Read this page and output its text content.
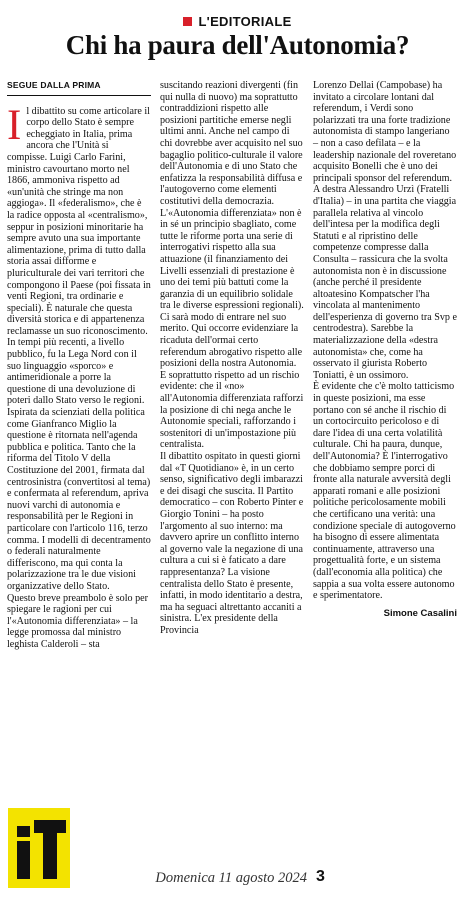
L'EDITORIALE
Chi ha paura dell'Autonomia?
SEGUE DALLA PRIMA

Il dibattito su come articolare il corpo dello Stato è sempre echeggiato in Italia, prima ancora che l'Unità si compisse. Luigi Carlo Farini, ministro cavourtano morto nel 1866, ammoniva rispetto ad «un'unità che stringe ma non aggioga». Il «federalismo», che è la radice opposta al «centralismo», seppur in posizioni minoritarie ha sempre avuto una sua importante alimentazione, prima di tutto dalla storia assai difforme e pluriculturale dei vari territori che compongono il Paese (poi fissata in venti Regioni, tra ordinarie e speciali). È naturale che questa diversità storica e di appartenenza reclamasse un suo riconoscimento. In tempi più recenti, a livello pubblico, fu la Lega Nord con il suo linguaggio «sporco» e antimeridionale a porre la questione di una devoluzione di poteri dallo Stato verso le regioni. Ispirata da scienziati della politica come Gianfranco Miglio la questione è ritornata nell'agenda pubblica e politica. Tanto che la riforma del Titolo V della Costituzione del 2001, firmata dal centrosinistra (convertitosi al tema) e confermata al referendum, apriva nuovi varchi di autonomia e responsabilità per le Regioni in particolare con l'articolo 116, terzo comma. I modelli di decentramento o federali naturalmente differiscono, ma qui conta la polarizzazione tra le due visioni organizzative dello Stato.

Questo breve preambolo è solo per spiegare le ragioni per cui l'«Autonomia differenziata» – la legge promossa dal ministro leghista Calderoli – sta

suscitando reazioni divergenti (fin qui nulla di nuovo) ma soprattutto contraddizioni rispetto alle posizioni partitiche emerse negli ultimi anni. Anche nel campo di chi dovrebbe aver acquisito nel suo bagaglio politico-culturale il valore dell'Autonomia e di uno Stato che enfatizza la responsabilità diffusa e l'autogoverno come elementi costitutivi della democrazia. L'«Autonomia differenziata» non è in sé un principio sbagliato, come tutte le riforme porta una serie di interrogativi rispetto alla sua attuazione (il finanziamento dei Livelli essenziali di prestazione è uno dei temi più battuti come la garanzia di un equilibrio solidale tra le diverse espressioni regionali). Ci sarà modo di entrare nel suo merito. Qui occorre evidenziare la ricaduta dell'ormai certo referendum abrogativo rispetto alle posizioni della nostra Autonomia. E soprattutto rispetto ad un rischio evidente: che il «no» all'Autonomia differenziata rafforzi la posizione di chi nega anche le Autonomie speciali, rafforzando i sostenitori di un'impostazione più centralista.

Il dibattito ospitato in questi giorni dal «T Quotidiano» è, in un certo senso, significativo degli imbarazzi e dei disagi che suscita. Il Partito democratico – con Roberto Pinter e Giorgio Tonini – ha posto l'argomento al suo interno: ma davvero aprire un conflitto interno al governo vale la negazione di una cultura a cui si è faticato a dare rappresentanza? La visione centralista dello Stato è presente, infatti, in modo identitario a destra, ma ha seguaci altrettanto accaniti a sinistra. L'ex presidente della Provincia

Lorenzo Dellai (Campobase) ha invitato a circolare lontani dal referendum, i Verdi sono polarizzati tra una forte tradizione autonomista di stampo langeriano – non a caso defilata – e la leadership nazionale del roveretano acquisito Bonelli che è uno dei principali sponsor del referendum.

A destra Alessandro Urzì (Fratelli d'Italia) – in una partita che viaggia parallela relativa al vincolo dell'intesa per la modifica degli Statuti e al ripristino delle competenze compresse dalla Consulta – rassicura che la svolta autonomista non è in discussione (anche perché il presidente altoatesino Kompatscher l'ha vincolata al mantenimento dell'esperienza di governo tra Svp e centrodestra). Sarebbe la materializzazione della «destra autonomista» che, come ha osservato il giurista Roberto Toniatti, è un ossimoro.

È evidente che c'è molto tatticismo in queste posizioni, ma esse portano con sé anche il rischio di un cortocircuito pericoloso e di dare l'idea di una certa volatilità culturale. Chi ha paura, dunque, dell'Autonomia? È l'interrogativo che dobbiamo sempre porci di fronte alla naturale avversità degli apparati romani e alle posizioni politiche pericolosamente mobili che certificano una verità: una condizione speciale di autogoverno ha bisogno di essere alimentata continuamente, attraverso una progettualità forte, e un sistema (dall'economia alla politica) che sappia a sua volta essere autonomo e sperimentatore.

Simone Casalini

Domenica 11 agosto 2024 3
